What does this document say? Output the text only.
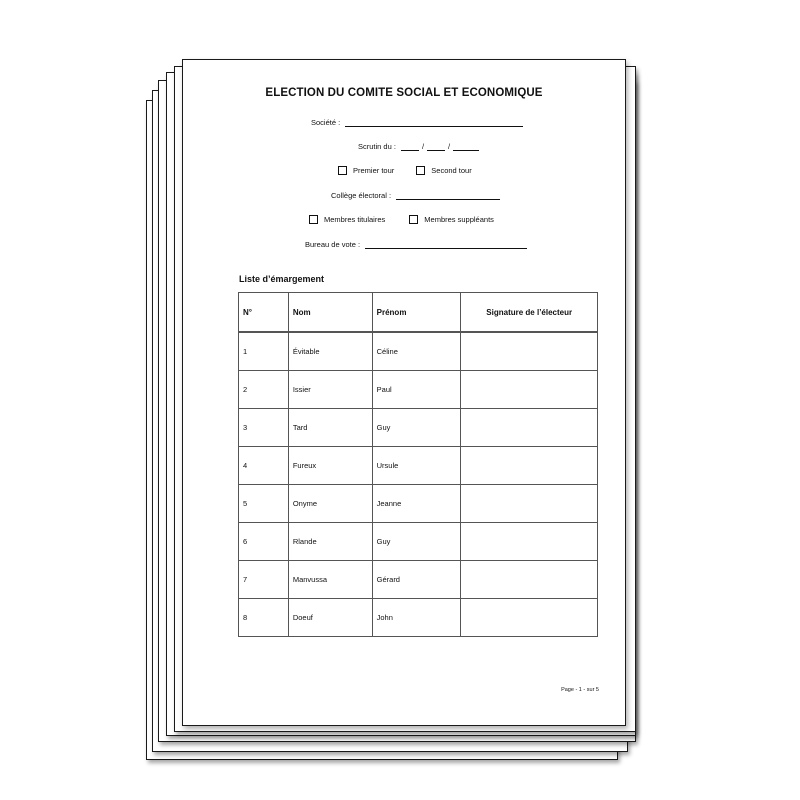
ELECTION DU COMITE SOCIAL ET ECONOMIQUE
Société :
Scrutin du :	/	/
Premier tour	Second tour
Collège électoral :
Membres titulaires	Membres suppléants
Bureau de vote :
Liste d’émargement
N°	Nom	Prénom	Signature de l’électeur
1	Évitable	Céline	
2	Issier	Paul	
3	Tard	Guy	
4	Fureux	Ursule	
5	Onyme	Jeanne	
6	Rlande	Guy	
7	Manvussa	Gérard	
8	Doeuf	John	
Page - 1 - sur 5
